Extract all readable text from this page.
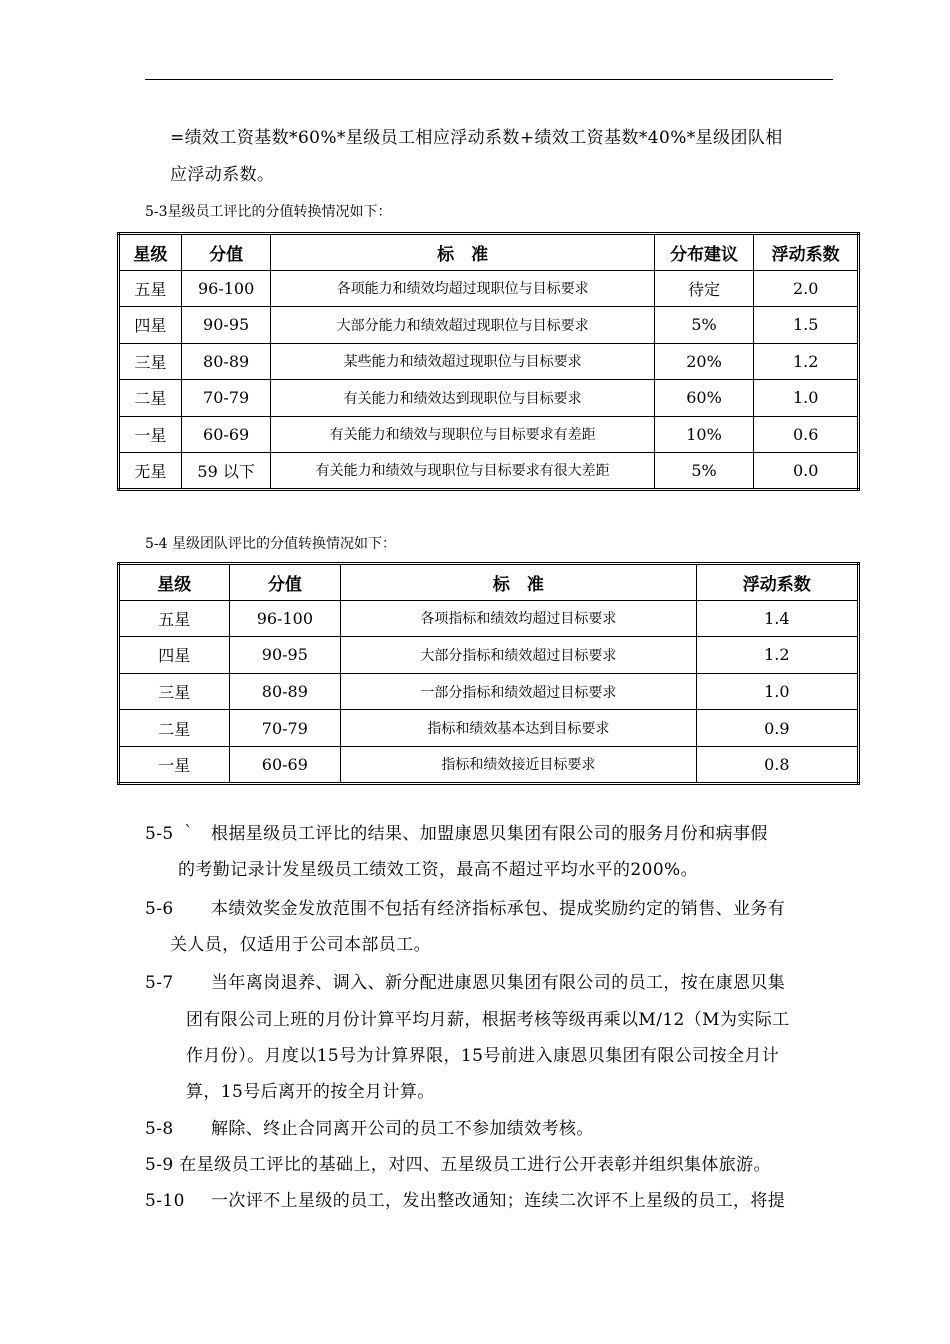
=绩效工资基数*60%*星级员工相应浮动系数+绩效工资基数*40%*星级团队相
应浮动系数。
5-3星级员工评比的分值转换情况如下：
星级	分值	标　准	分布建议	浮动系数
五星	96-100	各项能力和绩效均超过现职位与目标要求	待定	2.0
四星	90-95	大部分能力和绩效超过现职位与目标要求	5%	1.5
三星	80-89	某些能力和绩效超过现职位与目标要求	20%	1.2
二星	70-79	有关能力和绩效达到现职位与目标要求	60%	1.0
一星	60-69	有关能力和绩效与现职位与目标要求有差距	10%	0.6
无星	59 以下	有关能力和绩效与现职位与目标要求有很大差距	5%	0.0
5-4 星级团队评比的分值转换情况如下：
星级	分值	标　准	浮动系数
五星	96-100	各项指标和绩效均超过目标要求	1.4
四星	90-95	大部分指标和绩效超过目标要求	1.2
三星	80-89	一部分指标和绩效超过目标要求	1.0
二星	70-79	指标和绩效基本达到目标要求	0.9
一星	60-69	指标和绩效接近目标要求	0.8
5-5 ｀ 根据星级员工评比的结果、加盟康恩贝集团有限公司的服务月份和病事假
的考勤记录计发星级员工绩效工资，最高不超过平均水平的200%。
5-6 本绩效奖金发放范围不包括有经济指标承包、提成奖励约定的销售、业务有
关人员，仅适用于公司本部员工。
5-7 当年离岗退养、调入、新分配进康恩贝集团有限公司的员工，按在康恩贝集
团有限公司上班的月份计算平均月薪，根据考核等级再乘以M/12（M为实际工
作月份）。月度以15号为计算界限，15号前进入康恩贝集团有限公司按全月计
算，15号后离开的按全月计算。
5-8 解除、终止合同离开公司的员工不参加绩效考核。
5-9 在星级员工评比的基础上，对四、五星级员工进行公开表彰并组织集体旅游。
5-10 一次评不上星级的员工，发出整改通知；连续二次评不上星级的员工，将提
